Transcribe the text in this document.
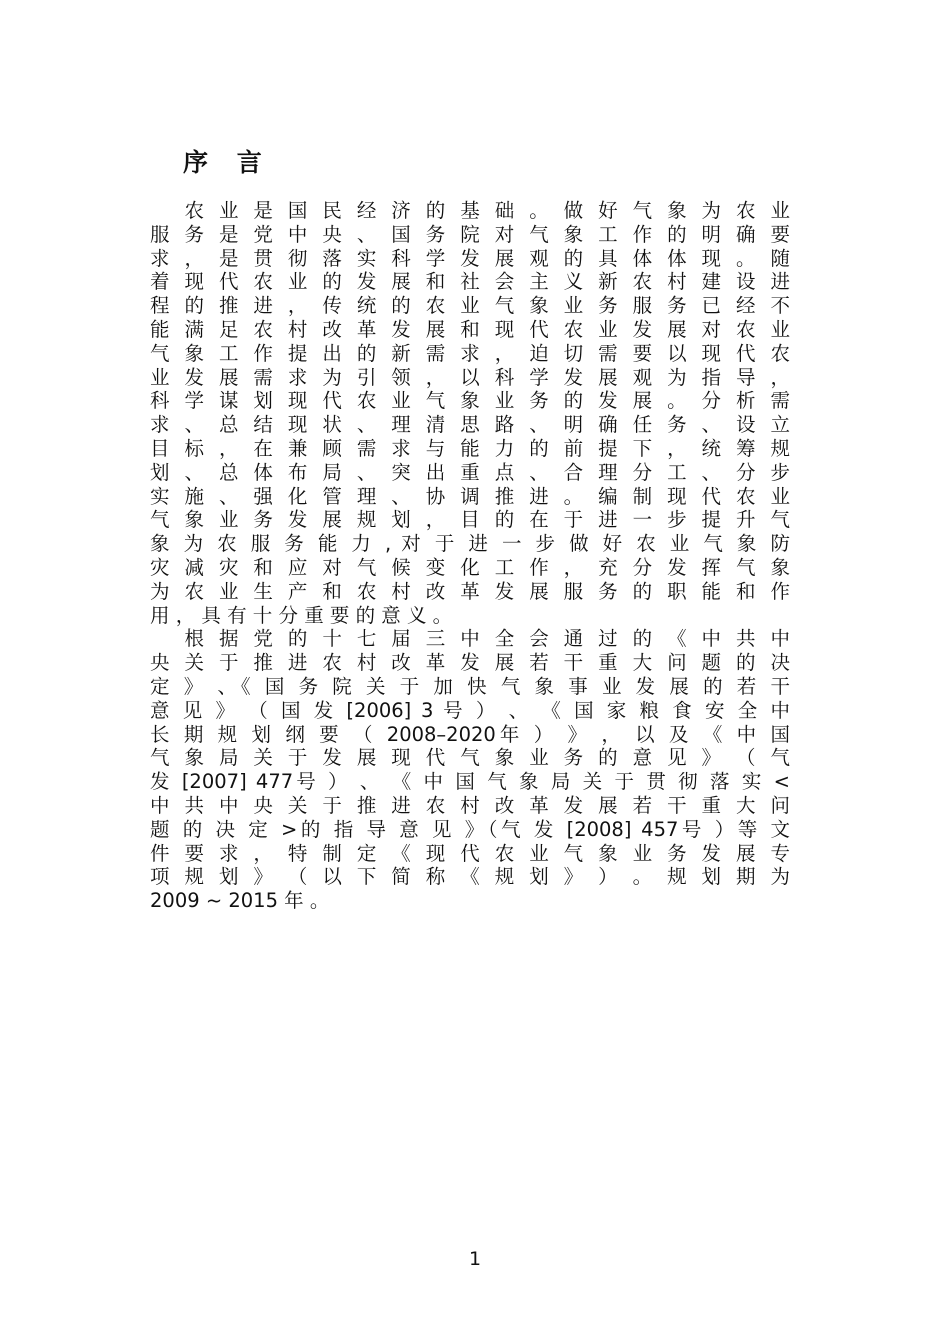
序 言
　 农 业 是 国 民 经 济 的 基 础 。 做 好 气 象 为 农 业
服 务 是 党 中 央 、 国 务 院 对 气 象 工 作 的 明 确 要
求 ， 是 贯 彻 落 实 科 学 发 展 观 的 具 体 体 现 。 随
着 现 代 农 业 的 发 展 和 社 会 主 义 新 农 村 建 设 进
程 的 推 进 ， 传 统 的 农 业 气 象 业 务 服 务 已 经 不
能 满 足 农 村 改 革 发 展 和 现 代 农 业 发 展 对 农 业
气 象 工 作 提 出 的 新 需 求 ， 迫 切 需 要 以 现 代 农
业 发 展 需 求 为 引 领 ， 以 科 学 发 展 观 为 指 导 ，
科 学 谋 划 现 代 农 业 气 象 业 务 的 发 展 。 分 析 需
求 、 总 结 现 状 、 理 清 思 路 、 明 确 任 务 、 设 立
目 标 ， 在 兼 顾 需 求 与 能 力 的 前 提 下 ， 统 筹 规
划 、 总 体 布 局 、 突 出 重 点 、 合 理 分 工 、 分 步
实 施 、 强 化 管 理 、 协 调 推 进 。 编 制 现 代 农 业
气 象 业 务 发 展 规 划 ， 目 的 在 于 进 一 步 提 升 气
象 为 农 服 务 能 力 , 对 于 进 一 步 做 好 农 业 气 象 防
灾 减 灾 和 应 对 气 候 变 化 工 作 ， 充 分 发 挥 气 象
为 农 业 生 产 和 农 村 改 革 发 展 服 务 的 职 能 和 作
用 ， 具 有 十 分 重 要 的 意 义 。
　 根 据 党 的 十 七 届 三 中 全 会 通 过 的 《 中 共 中
央 关 于 推 进 农 村 改 革 发 展 若 干 重 大 问 题 的 决
定 》 、《 国 务 院 关 于 加 快 气 象 事 业 发 展 的 若 干
意 见 》 （ 国 发 [2006] 3 号 ） 、 《 国 家 粮 食 安 全 中
长 期 规 划 纲 要 （ 2008–2020年 ） 》 ， 以 及 《 中 国
气 象 局 关 于 发 展 现 代 气 象 业 务 的 意 见 》 （ 气
发 [2007] 477号 ） 、 《 中 国 气 象 局 关 于 贯 彻 落 实 <
中 共 中 央 关 于 推 进 农 村 改 革 发 展 若 干 重 大 问
题 的 决 定 >的 指 导 意 见 》（气 发 [2008] 457号 ）等 文
件 要 求 ， 特 制 定 《 现 代 农 业 气 象 业 务 发 展 专
项 规 划 》 （ 以 下 简 称 《 规 划 》 ） 。 规 划 期 为
2009 ~ 2015 年 。
1
